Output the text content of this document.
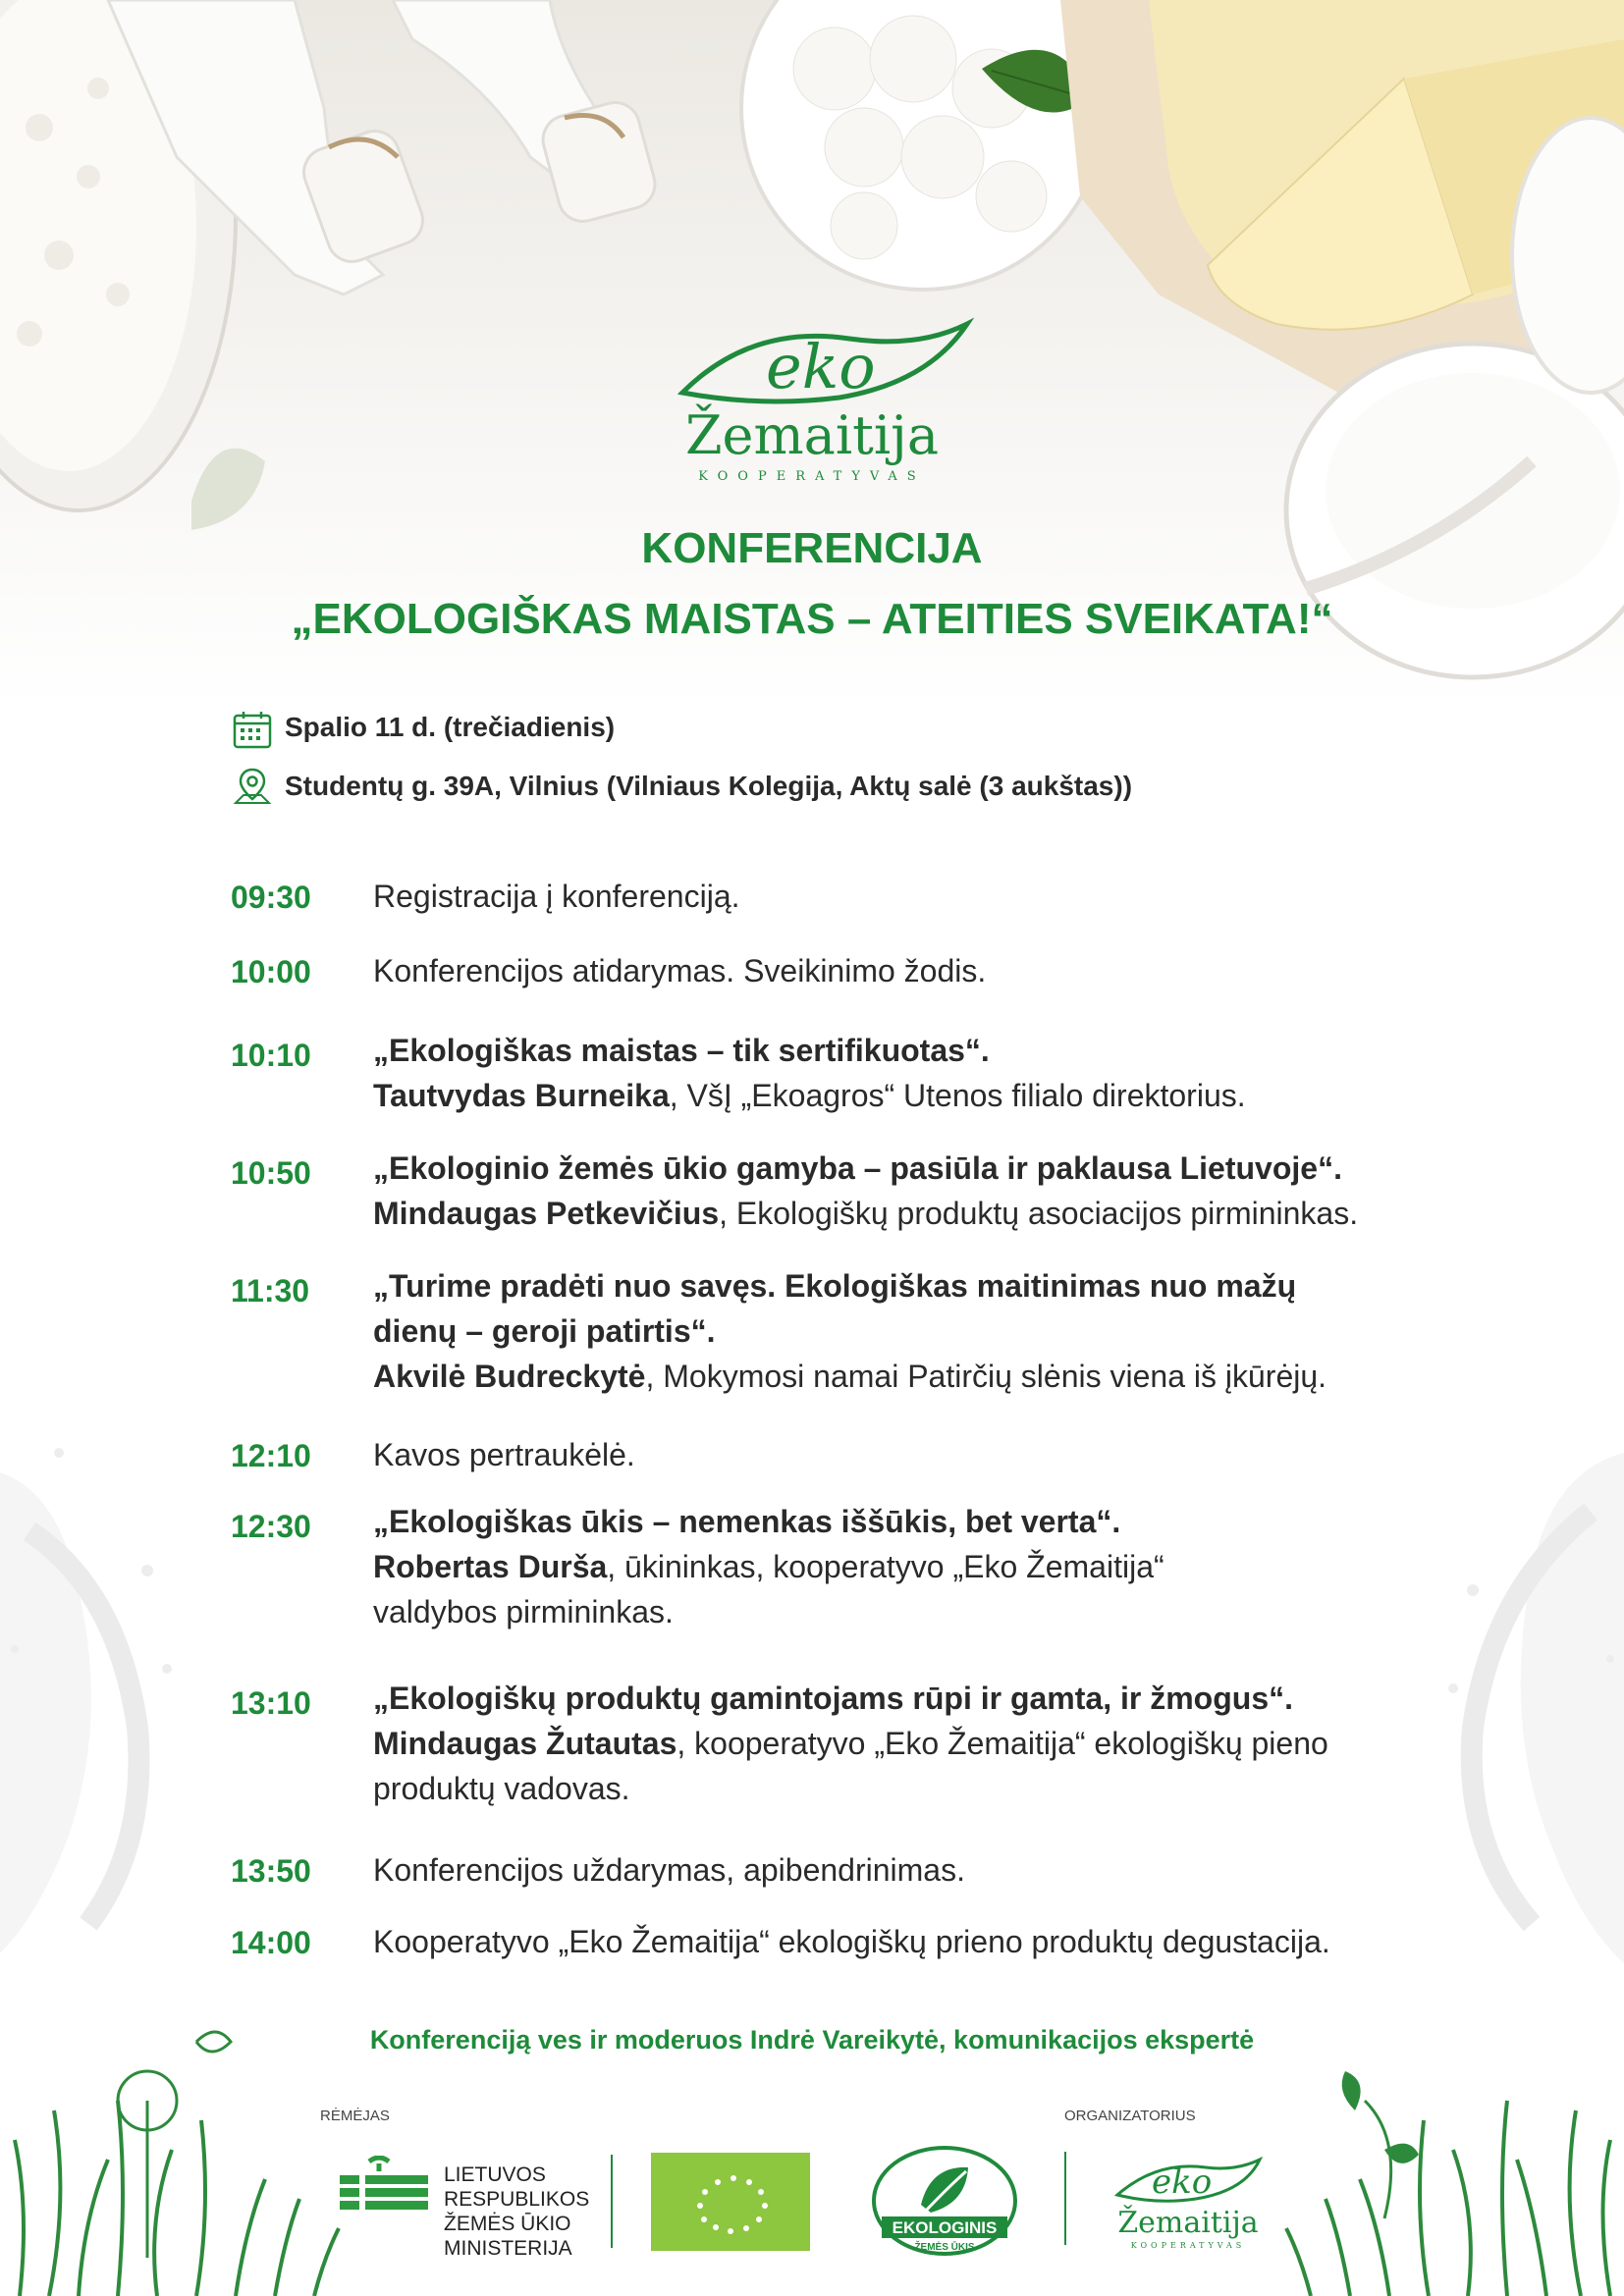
eko
Žemaitija
KOOPERATYVAS
KONFERENCIJA
„EKOLOGIŠKAS MAISTAS – ATEITIES SVEIKATA!“
Spalio 11 d. (trečiadienis)
Studentų g. 39A, Vilnius (Vilniaus Kolegija, Aktų salė (3 aukštas))
09:30 Registracija į konferenciją.
10:00 Konferencijos atidarymas. Sveikinimo žodis.
10:10 „Ekologiškas maistas – tik sertifikuotas“.
Tautvydas Burneika, VšĮ „Ekoagros“ Utenos filialo direktorius.
10:50 „Ekologinio žemės ūkio gamyba – pasiūla ir paklausa Lietuvoje“.
Mindaugas Petkevičius, Ekologiškų produktų asociacijos pirmininkas.
11:30 „Turime pradėti nuo savęs. Ekologiškas maitinimas nuo mažų
dienų – geroji patirtis“.
Akvilė Budreckytė, Mokymosi namai Patirčių slėnis viena iš įkūrėjų.
12:10 Kavos pertraukėlė.
12:30 „Ekologiškas ūkis – nemenkas iššūkis, bet verta“.
Robertas Durša, ūkininkas, kooperatyvo „Eko Žemaitija“
valdybos pirmininkas.
13:10 „Ekologiškų produktų gamintojams rūpi ir gamta, ir žmogus“.
Mindaugas Žutautas, kooperatyvo „Eko Žemaitija“ ekologiškų pieno
produktų vadovas.
13:50 Konferencijos uždarymas, apibendrinimas.
14:00 Kooperatyvo „Eko Žemaitija“ ekologiškų prieno produktų degustacija.
Konferenciją ves ir moderuos Indrė Vareikytė, komunikacijos ekspertė
RĖMĖJAS	ORGANIZATORIUS
LIETUVOS
RESPUBLIKOS
ŽEMĖS ŪKIO
MINISTERIJA
EKOLOGINIS
ŽEMĖS ŪKIS
eko
Žemaitija
KOOPERATYVAS
